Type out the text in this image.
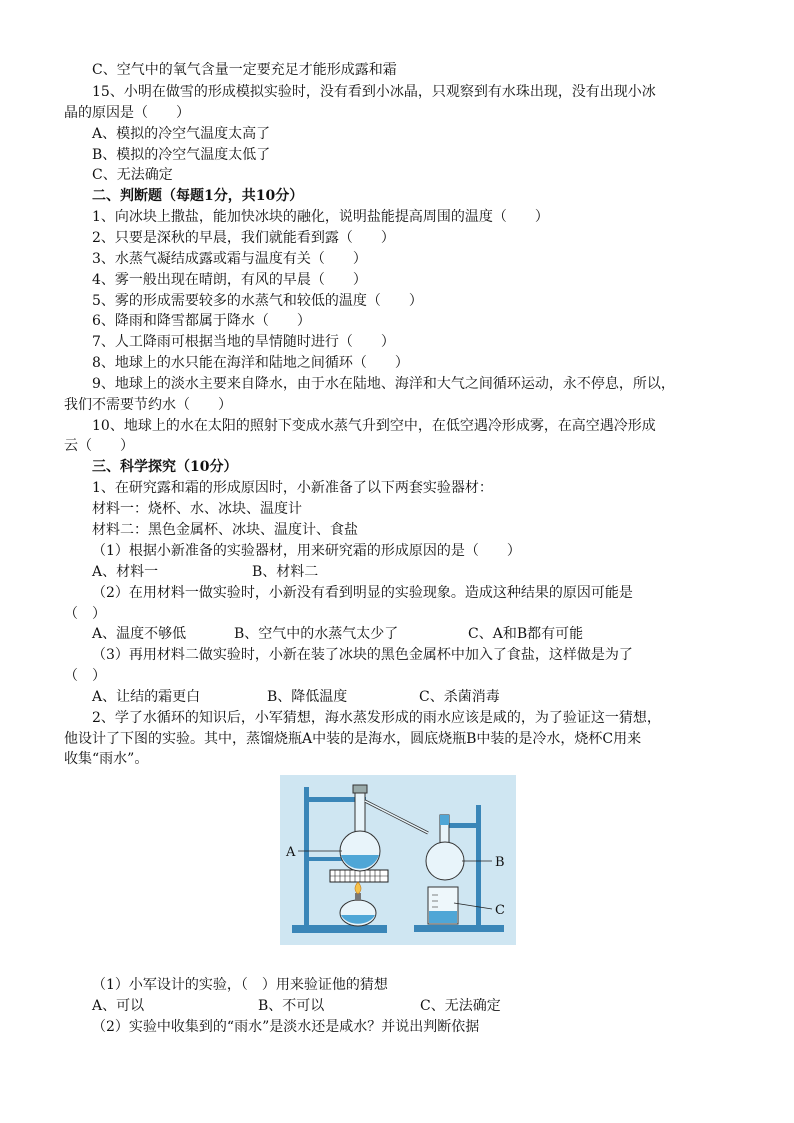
C、空气中的氧气含量一定要充足才能形成露和霜
15、小明在做雪的形成模拟实验时，没有看到小冰晶，只观察到有水珠出现，没有出现小冰
晶的原因是（　　）
A、模拟的冷空气温度太高了
B、模拟的冷空气温度太低了
C、无法确定
二、判断题（每题1分，共10分）
1、向冰块上撒盐，能加快冰块的融化，说明盐能提高周围的温度（　　）
2、只要是深秋的早晨，我们就能看到露（　　）
3、水蒸气凝结成露或霜与温度有关（　　）
4、雾一般出现在晴朗，有风的早晨（　　）
5、雾的形成需要较多的水蒸气和较低的温度（　　）
6、降雨和降雪都属于降水（　　）
7、人工降雨可根据当地的旱情随时进行（　　）
8、地球上的水只能在海洋和陆地之间循环（　　）
9、地球上的淡水主要来自降水，由于水在陆地、海洋和大气之间循环运动，永不停息，所以，
我们不需要节约水（　　）
10、地球上的水在太阳的照射下变成水蒸气升到空中，在低空遇冷形成雾，在高空遇冷形成
云（　　）
三、科学探究（10分）
1、在研究露和霜的形成原因时，小新准备了以下两套实验器材：
材料一：烧杯、水、冰块、温度计
材料二：黑色金属杯、冰块、温度计、食盐
（1）根据小新准备的实验器材，用来研究霜的形成原因的是（　　）
A、材料一	B、材料二
（2）在用材料一做实验时，小新没有看到明显的实验现象。造成这种结果的原因可能是
（　）
A、温度不够低	B、空气中的水蒸气太少了	C、A和B都有可能
（3）再用材料二做实验时，小新在装了冰块的黑色金属杯中加入了食盐，这样做是为了
（　）
A、让结的霜更白	B、降低温度	C、杀菌消毒
2、学了水循环的知识后，小军猜想，海水蒸发形成的雨水应该是咸的，为了验证这一猜想，
他设计了下图的实验。其中，蒸馏烧瓶A中装的是海水，圆底烧瓶B中装的是冷水，烧杯C用来
收集“雨水”。
A
B
C
（1）小军设计的实验，（　）用来验证他的猜想
A、可以	B、不可以	C、无法确定
（2）实验中收集到的“雨水”是淡水还是咸水？并说出判断依据
